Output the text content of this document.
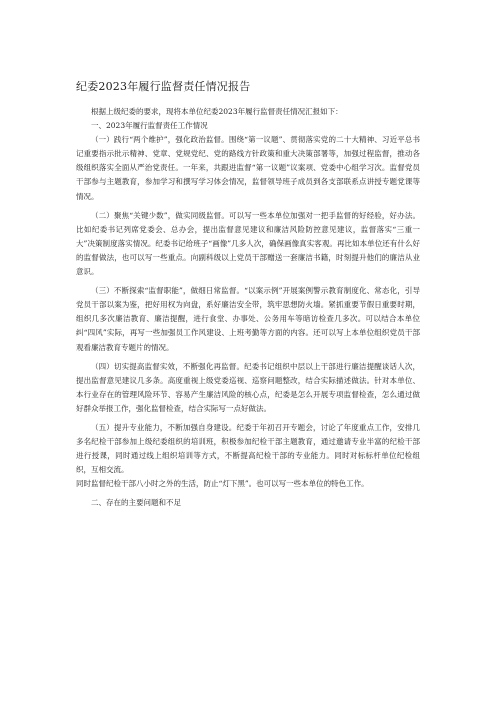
纪委2023年履行监督责任情况报告

根据上级纪委的要求，现将本单位纪委2023年履行监督责任情况汇报如下：

一、2023年履行监督责任工作情况

（一）践行“两个维护”，强化政治监督。围绕“第一议题”、贯彻落实党的二十大精神、习近平总书记重要指示批示精神、党章、党规党纪、党的路线方针政策和重大决策部署等，加强过程监督，推动各级组织落实全面从严治党责任。一年来，共跟进监督“第一议题”议案项、党委中心组学习次。监督党员干部参与主题教育，参加学习和撰写学习体会情况，监督领导班子成员到各支部联系点讲授专题党课等情况。

（二）聚焦“关键少数”，做实同级监督。可以写一些本单位加强对一把手监督的好经验，好办法。比如纪委书记列席党委会、总办会，提出监督意见建议和廉洁风险防控意见建议，监督落实“三重一大”决策制度落实情况。纪委书记给班子“画像”几多人次，确保画像真实客观。再比如本单位还有什么好的监督做法，也可以写一些重点。向副科级以上党员干部赠送一套廉洁书籍，时刻提升他们的廉洁从业意识。

（三）不断探索“监督职能”，做细日常监督。“以案示例”开展案例警示教育制度化、常态化，引导党员干部以案为鉴，把好用权为向盘，系好廉洁安全带，筑牢思想防火墙。紧抓重要节假日重要时期，组织几多次廉洁教育、廉洁提醒，进行食堂、办事处、公务用车等暗访检查几多次。可以结合本单位纠“四风”实际，再写一些加强员工作风建设、上班考勤等方面的内容。还可以写上本单位组织党员干部观看廉洁教育专题片的情况。

（四）切实提高监督实效，不断强化再监督。纪委书记组织中层以上干部进行廉洁提醒谈话人次，提出监督意见建议几多条。高度重视上级党委巡视、巡察问题整改，结合实际描述做法。针对本单位、本行业存在的管理风险环节、容易产生廉洁风险的核心点，纪委是怎么开展专项监督检查，怎么通过做好群众举报工作，强化监督检查，结合实际写一点好做法。

（五）提升专业能力，不断加强自身建设。纪委于年初召开专题会，讨论了年度重点工作，安排几多名纪检干部参加上级纪委组织的培训班，积极参加纪检干部主题教育，通过邀请专业半富的纪检干部进行授课，同时通过线上组织培训等方式，不断提高纪检干部的专业能力。同时对标标杆单位纪检组织，互相交流。

同时监督纪检干部八小时之外的生活，防止“灯下黑”。也可以写一些本单位的特色工作。

二、存在的主要问题和不足
